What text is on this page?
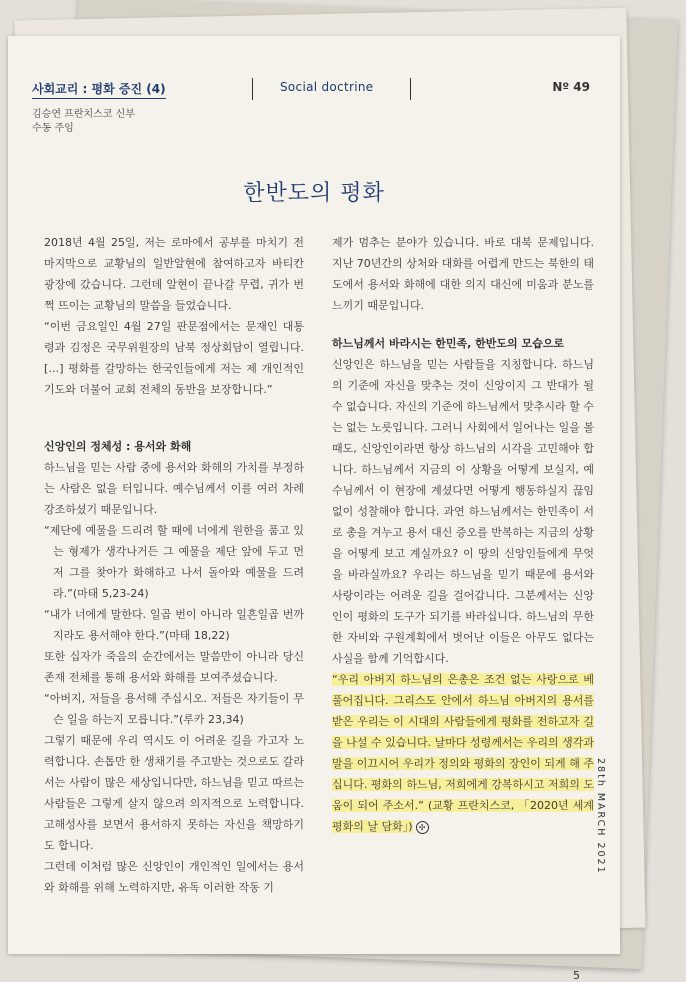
사회교리 : 평화 증진 (4)	Social doctrine	Nº 49
김승연 프란치스코 신부
수동 주임
한반도의 평화

2018년 4월 25일, 저는 로마에서 공부를 마치기 전 마지막으로 교황님의 일반알현에 참여하고자 바티칸 광장에 갔습니다. 그런데 알현이 끝나갈 무렵, 귀가 번쩍 뜨이는 교황님의 말씀을 들었습니다.

“이번 금요일인 4월 27일 판문점에서는 문재인 대통령과 김정은 국무위원장의 남북 정상회담이 열립니다. […] 평화를 갈망하는 한국인들에게 저는 제 개인적인 기도와 더불어 교회 전체의 동반을 보장합니다.”

신앙인의 정체성 : 용서와 화해

하느님을 믿는 사람 중에 용서와 화해의 가치를 부정하는 사람은 없을 터입니다. 예수님께서 이를 여러 차례 강조하셨기 때문입니다.

“제단에 예물을 드리려 할 때에 너에게 원한을 품고 있는 형제가 생각나거든 그 예물을 제단 앞에 두고 먼저 그를 찾아가 화해하고 나서 돌아와 예물을 드려라.”(마태 5,23-24)

“내가 너에게 말한다. 일곱 번이 아니라 일흔일곱 번까지라도 용서해야 한다.”(마태 18,22)

또한 십자가 죽음의 순간에서는 말씀만이 아니라 당신 존재 전체를 통해 용서와 화해를 보여주셨습니다.

“아버지, 저들을 용서해 주십시오. 저들은 자기들이 무슨 일을 하는지 모릅니다.”(루카 23,34)

그렇기 때문에 우리 역시도 이 어려운 길을 가고자 노력합니다. 손톱만 한 생채기를 주고받는 것으로도 갈라서는 사람이 많은 세상입니다만, 하느님을 믿고 따르는 사람들은 그렇게 살지 않으려 의지적으로 노력합니다. 고해성사를 보면서 용서하지 못하는 자신을 책망하기도 합니다.

그런데 이처럼 많은 신앙인이 개인적인 일에서는 용서와 화해를 위해 노력하지만, 유독 이러한 작동 기

제가 멈추는 분야가 있습니다. 바로 대북 문제입니다. 지난 70년간의 상처와 대화를 어렵게 만드는 북한의 태도에서 용서와 화해에 대한 의지 대신에 미움과 분노를 느끼기 때문입니다.

하느님께서 바라시는 한민족, 한반도의 모습으로

신앙인은 하느님을 믿는 사람들을 지칭합니다. 하느님의 기준에 자신을 맞추는 것이 신앙이지 그 반대가 될 수 없습니다. 자신의 기준에 하느님께서 맞추시라 할 수는 없는 노릇입니다. 그러니 사회에서 일어나는 일을 볼 때도, 신앙인이라면 항상 하느님의 시각을 고민해야 합니다. 하느님께서 지금의 이 상황을 어떻게 보실지, 예수님께서 이 현장에 계셨다면 어떻게 행동하실지 끊임없이 성찰해야 합니다. 과연 하느님께서는 한민족이 서로 총을 겨누고 용서 대신 증오를 반복하는 지금의 상황을 어떻게 보고 계실까요? 이 땅의 신앙인들에게 무엇을 바라실까요? 우리는 하느님을 믿기 때문에 용서와 사랑이라는 어려운 길을 걸어갑니다. 그분께서는 신앙인이 평화의 도구가 되기를 바라십니다. 하느님의 무한한 자비와 구원계획에서 벗어난 이들은 아무도 없다는 사실을 함께 기억합시다.

“우리 아버지 하느님의 은총은 조건 없는 사랑으로 베풀어집니다. 그리스도 안에서 하느님 아버지의 용서를 받은 우리는 이 시대의 사람들에게 평화를 전하고자 길을 나설 수 있습니다. 날마다 성령께서는 우리의 생각과 말을 이끄시어 우리가 정의와 평화의 장인이 되게 해 주십니다. 평화의 하느님, 저희에게 강복하시고 저희의 도움이 되어 주소서.” (교황 프란치스코, 「2020년 세계 평화의 날 담화」) ✣	28th MARCH 2021
5
